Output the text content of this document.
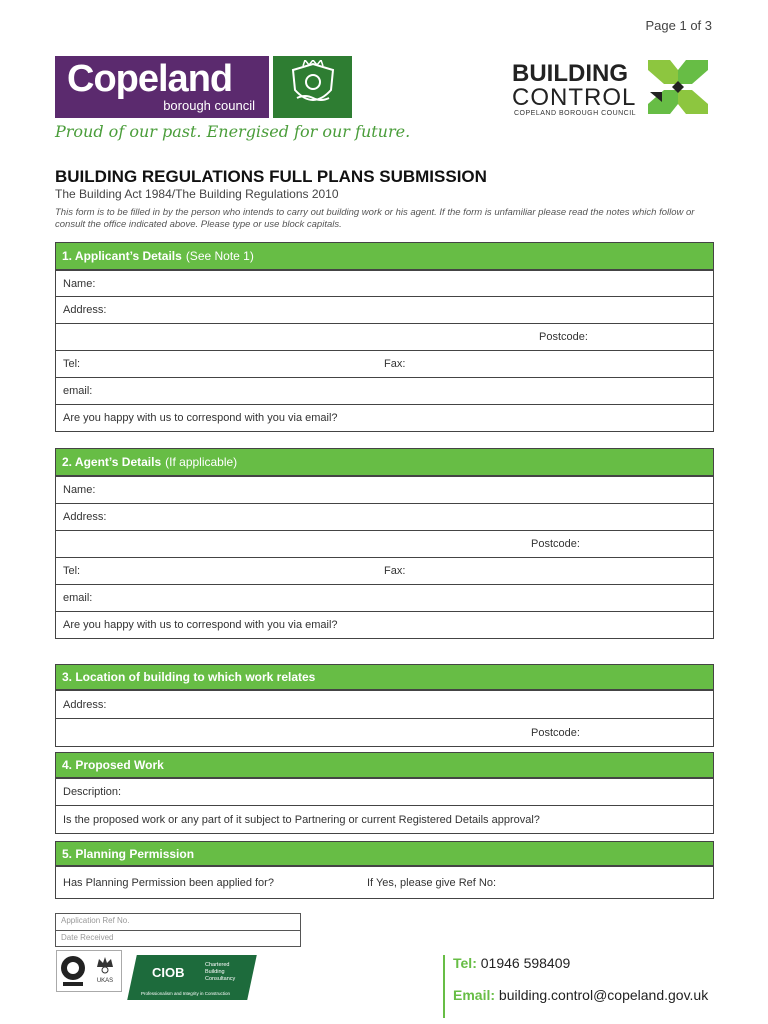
Page 1 of 3
Copeland
borough council
Proud of our past. Energised for our future.
BUILDING
CONTROL
COPELAND BOROUGH COUNCIL
BUILDING REGULATIONS FULL PLANS SUBMISSION
The Building Act 1984/The Building Regulations 2010
This form is to be filled in by the person who intends to carry out building work or his agent. If the form is unfamiliar please read the notes which follow or consult the office indicated above. Please type or use block capitals.
1. Applicant’s Details (See Note 1)
Name:
Address:
Postcode:
Tel:	Fax:
email:
Are you happy with us to correspond with you via email?
2. Agent’s Details (If applicable)
Name:
Address:
Postcode:
Tel:	Fax:
email:
Are you happy with us to correspond with you via email?
3. Location of building to which work relates
Address:
Postcode:
4. Proposed Work
Description:
Is the proposed work or any part of it subject to Partnering or current Registered Details approval?
5. Planning Permission
Has Planning Permission been applied for?	If Yes, please give Ref No:
Application Ref No.
Date Received
UKAS
CIOB	Chartered Building Consultancy
Professionalism and Integrity in Construction
Tel: 01946 598409
Email: building.control@copeland.gov.uk
